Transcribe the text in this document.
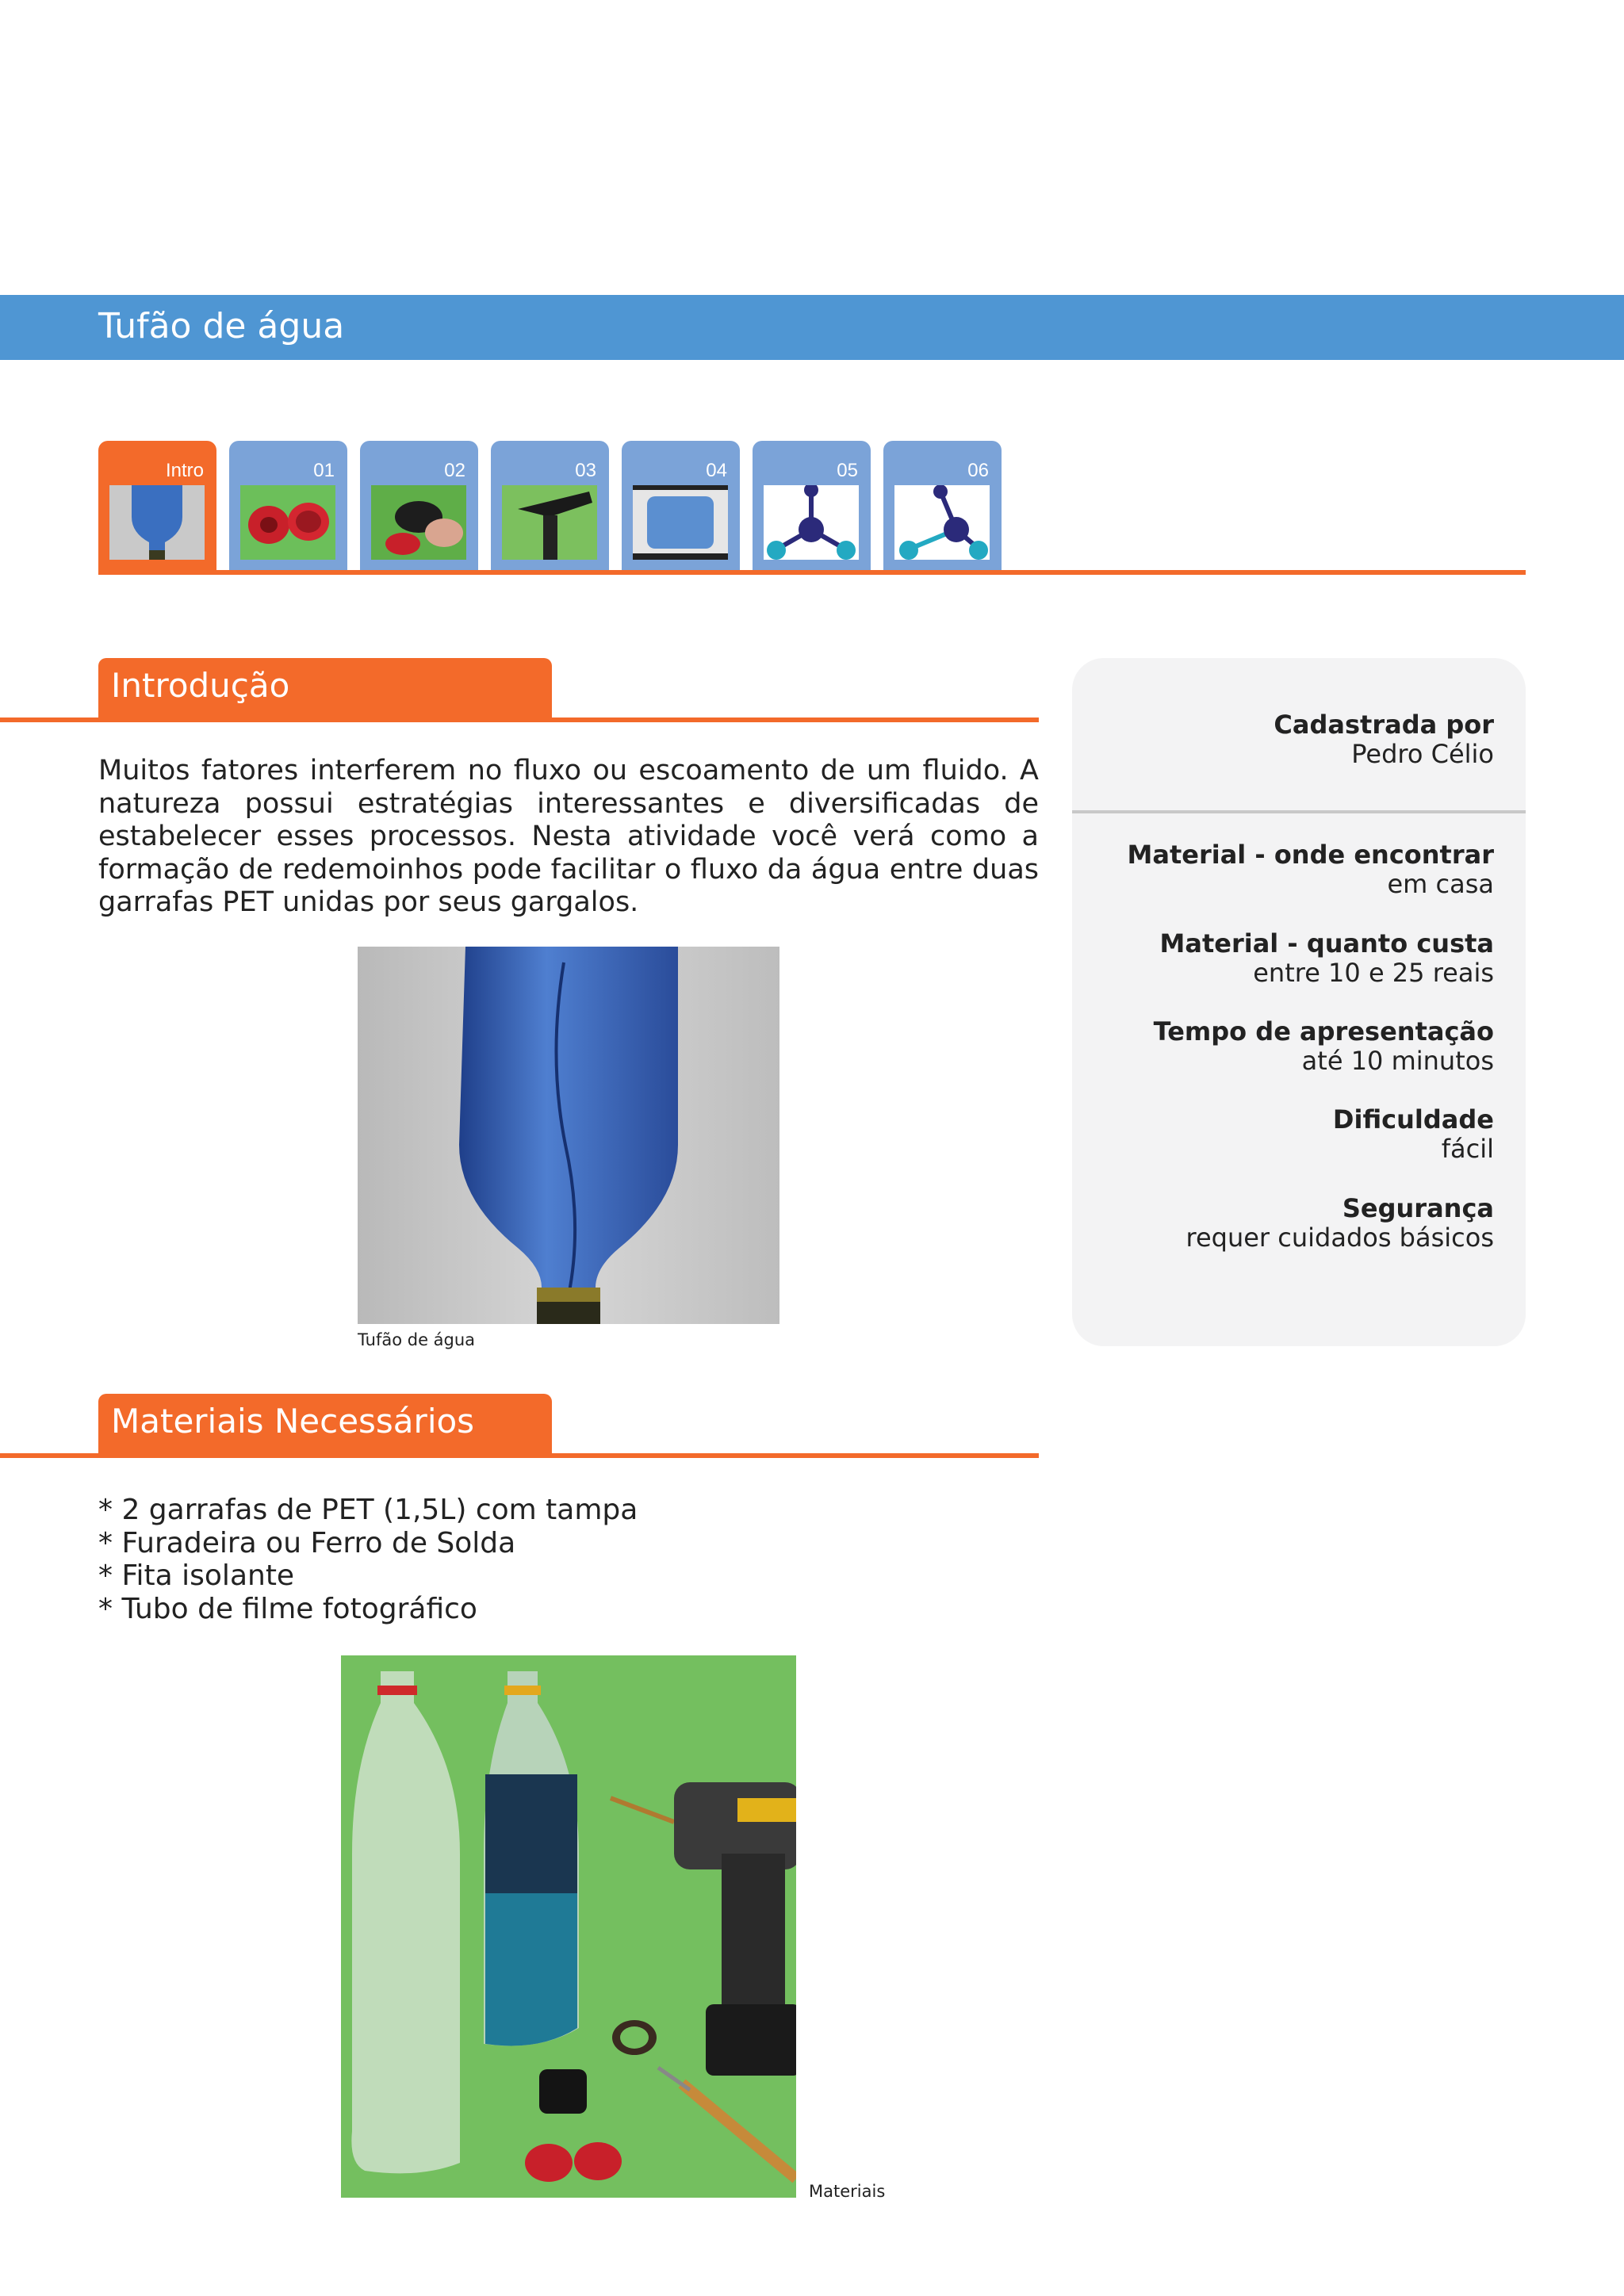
Tufão de água
Intro	01	02	03	04	05	06
Introdução
Muitos fatores interferem no fluxo ou escoamento de um fluido. A natureza possui estratégias interessantes e diversificadas de estabelecer esses processos. Nesta atividade você verá como a formação de redemoinhos pode facilitar o fluxo da água entre duas garrafas PET unidas por seus gargalos.
Tufão de água
Materiais Necessários
* 2 garrafas de PET (1,5L) com tampa
* Furadeira ou Ferro de Solda
* Fita isolante
* Tubo de filme fotográfico
Materiais
Cadastrada por
Pedro Célio
Material - onde encontrar
em casa
Material - quanto custa
entre 10 e 25 reais
Tempo de apresentação
até 10 minutos
Dificuldade
fácil
Segurança
requer cuidados básicos
